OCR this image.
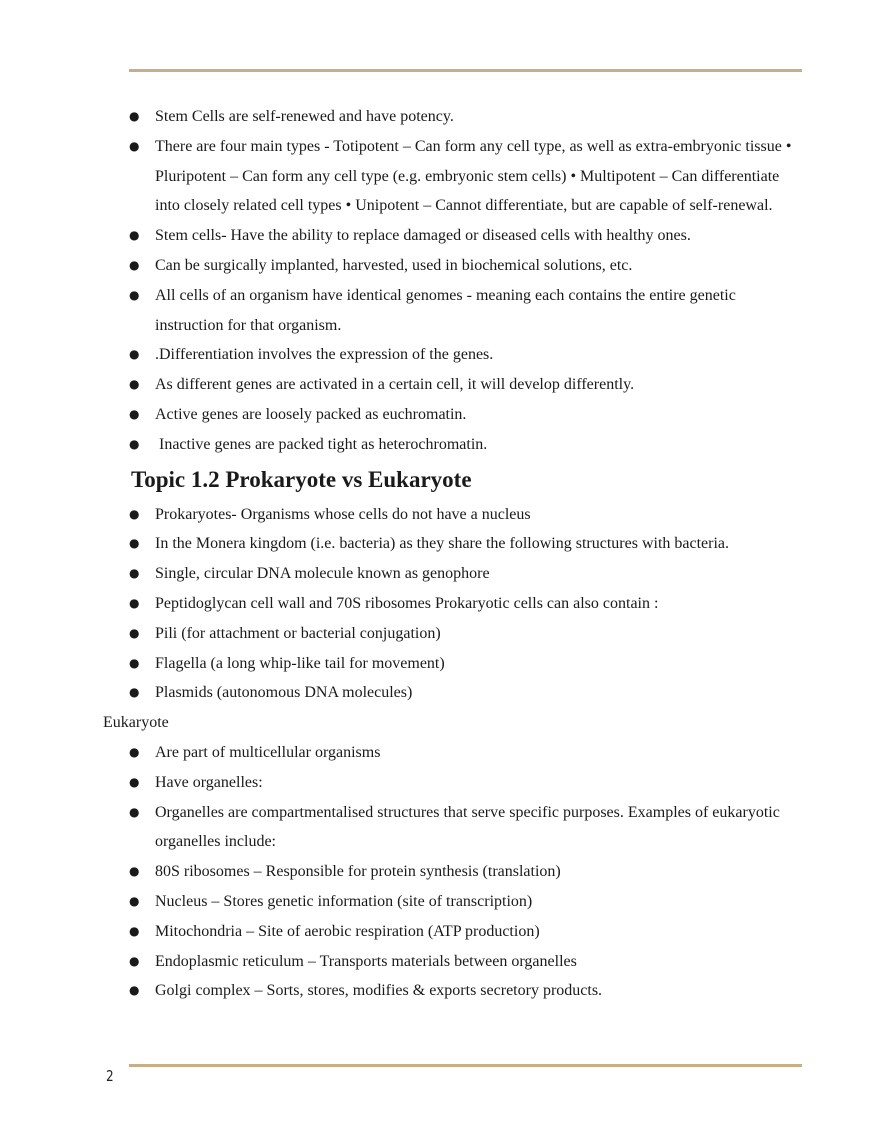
● Stem Cells are self-renewed and have potency.
● There are four main types - Totipotent – Can form any cell type, as well as extra-embryonic tissue • Pluripotent – Can form any cell type (e.g. embryonic stem cells) • Multipotent – Can differentiate into closely related cell types • Unipotent – Cannot differentiate, but are capable of self-renewal.
● Stem cells- Have the ability to replace damaged or diseased cells with healthy ones.
● Can be surgically implanted, harvested, used in biochemical solutions, etc.
● All cells of an organism have identical genomes - meaning each contains the entire genetic instruction for that organism.
● .Differentiation involves the expression of the genes.
● As different genes are activated in a certain cell, it will develop differently.
● Active genes are loosely packed as euchromatin.
●  Inactive genes are packed tight as heterochromatin.
Topic 1.2 Prokaryote vs Eukaryote
● Prokaryotes- Organisms whose cells do not have a nucleus
● In the Monera kingdom (i.e. bacteria) as they share the following structures with bacteria.
● Single, circular DNA molecule known as genophore
● Peptidoglycan cell wall and 70S ribosomes Prokaryotic cells can also contain :
● Pili (for attachment or bacterial conjugation)
● Flagella (a long whip-like tail for movement)
● Plasmids (autonomous DNA molecules)
Eukaryote
● Are part of multicellular organisms
● Have organelles:
● Organelles are compartmentalised structures that serve specific purposes. Examples of eukaryotic organelles include:
● 80S ribosomes – Responsible for protein synthesis (translation)
● Nucleus – Stores genetic information (site of transcription)
● Mitochondria – Site of aerobic respiration (ATP production)
● Endoplasmic reticulum – Transports materials between organelles
● Golgi complex – Sorts, stores, modifies & exports secretory products.
2
